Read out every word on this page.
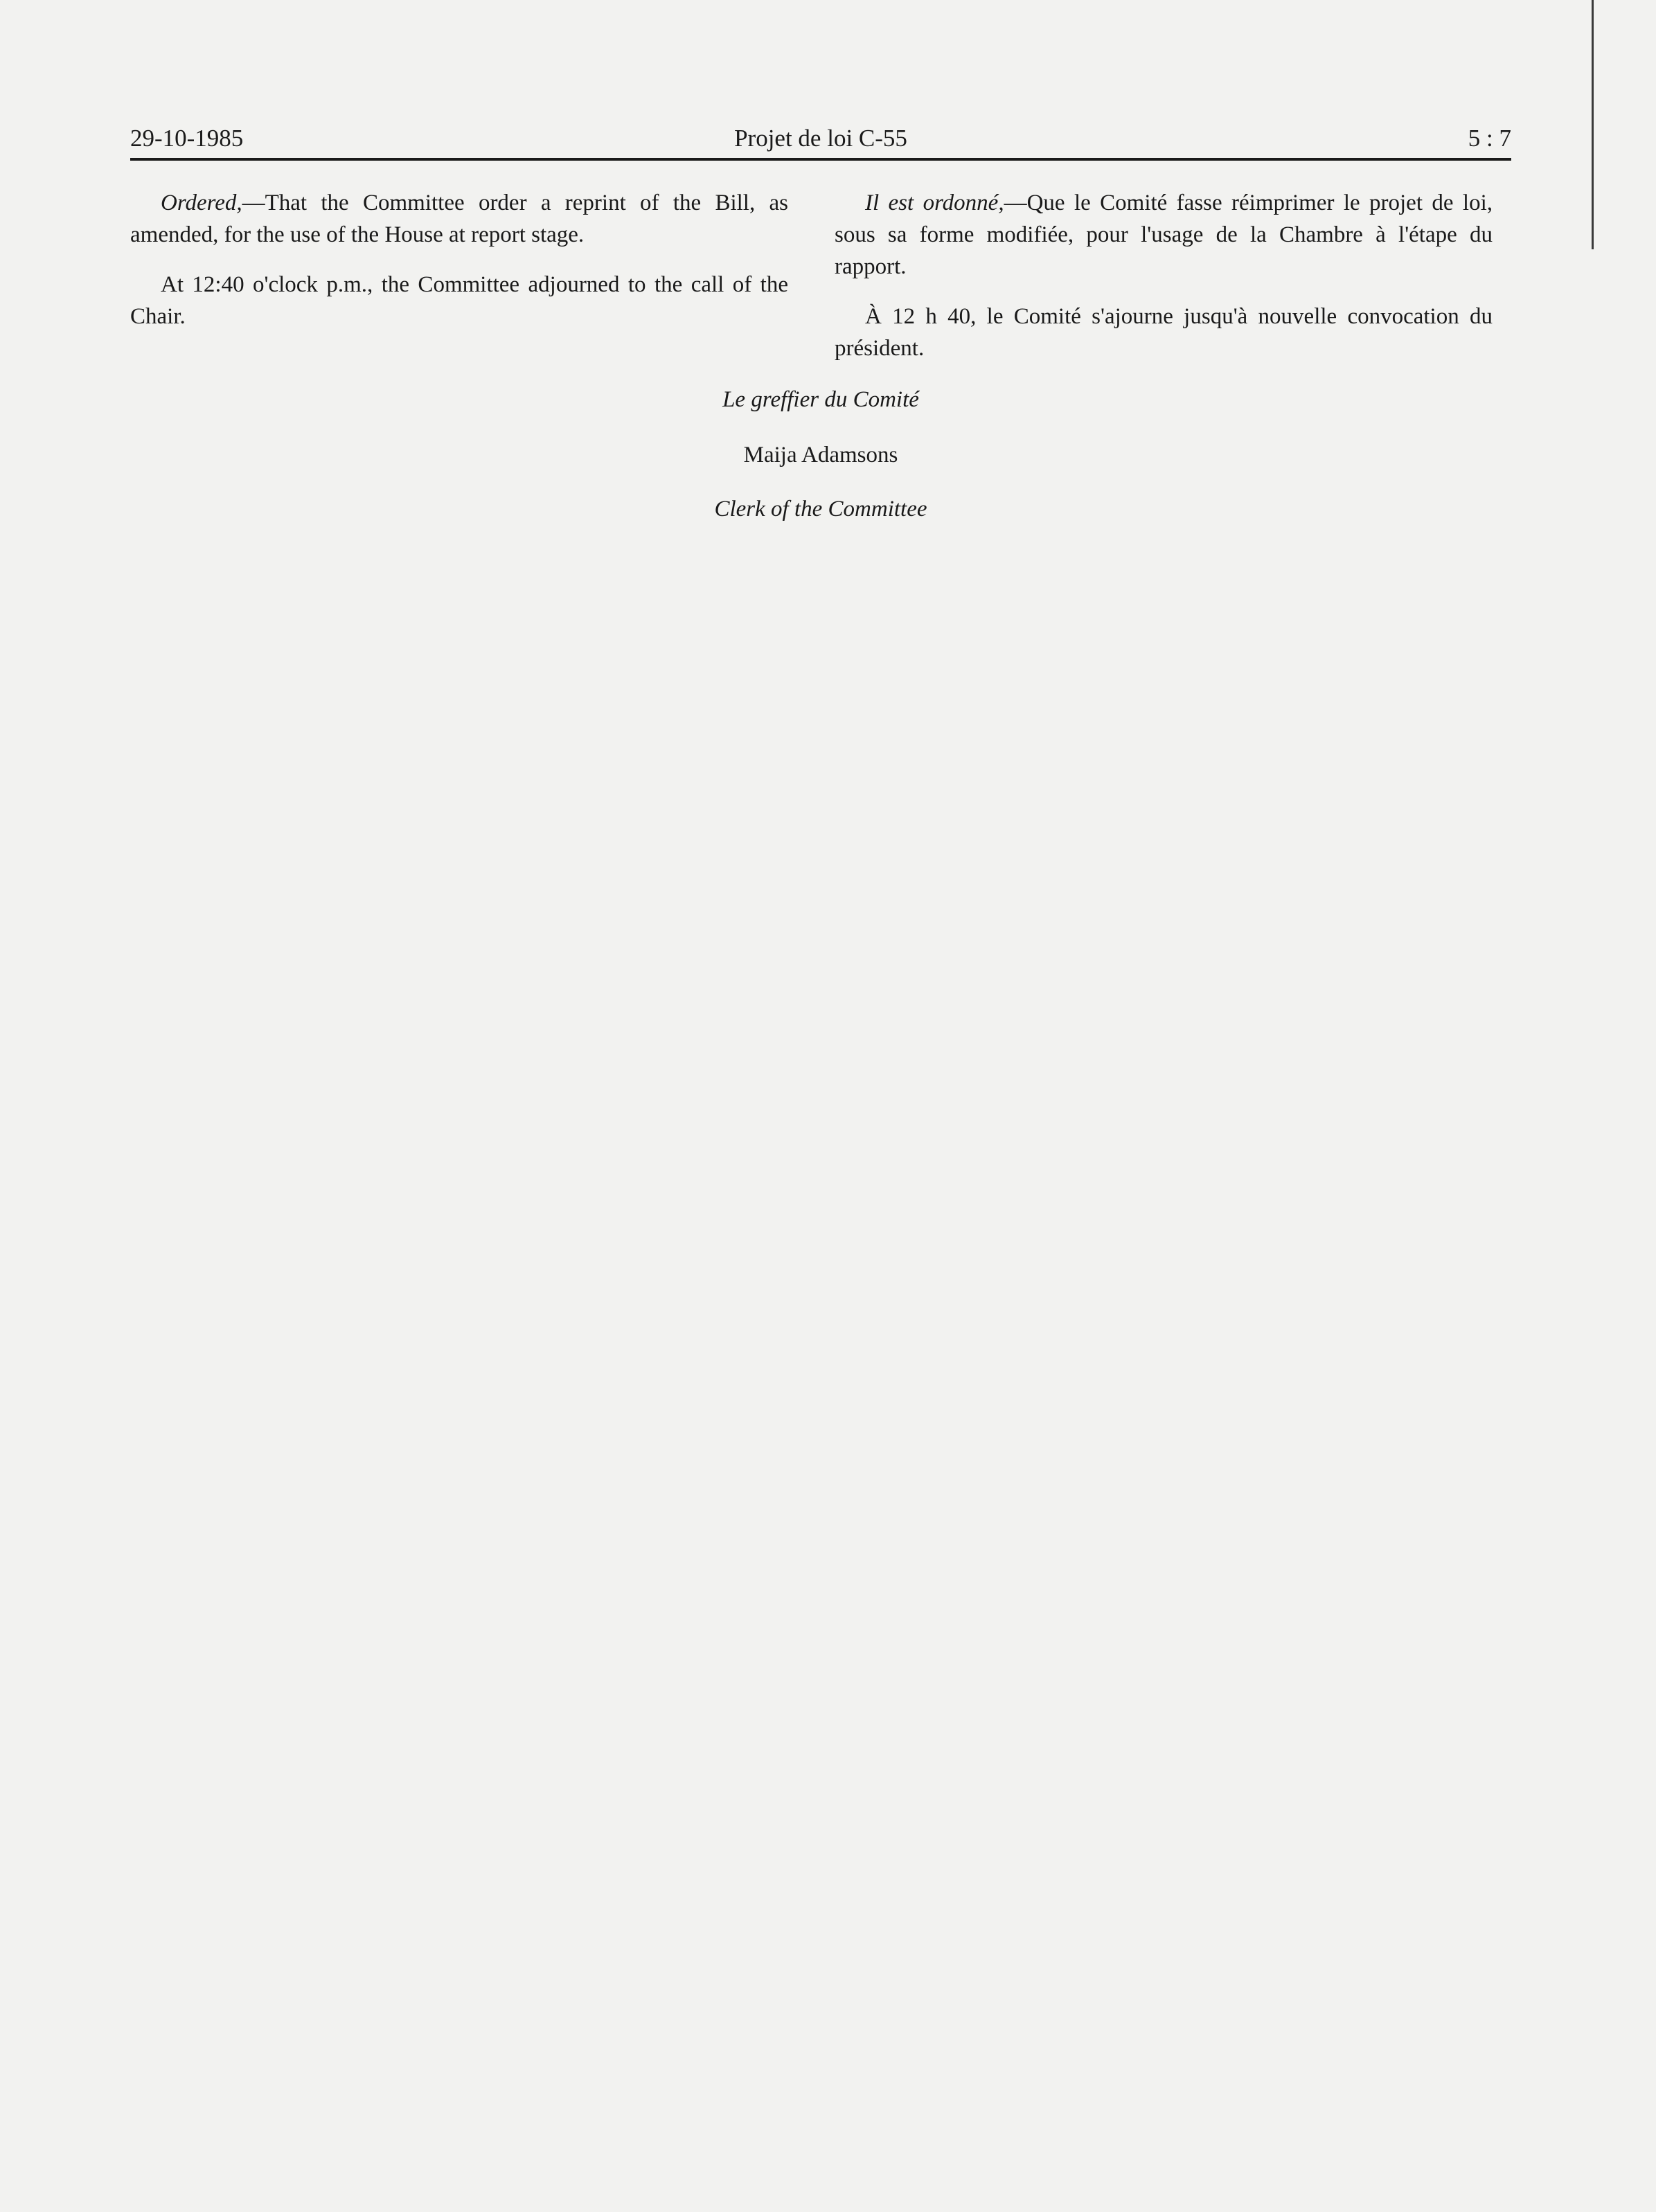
29-10-1985	Projet de loi C-55	5 : 7

Ordered,—That the Committee order a reprint of the Bill, as amended, for the use of the House at report stage.

At 12:40 o'clock p.m., the Committee adjourned to the call of the Chair.

Il est ordonné,—Que le Comité fasse réimprimer le projet de loi, sous sa forme modifiée, pour l'usage de la Chambre à l'étape du rapport.

À 12 h 40, le Comité s'ajourne jusqu'à nouvelle convocation du président.

Le greffier du Comité
Maija Adamsons
Clerk of the Committee
